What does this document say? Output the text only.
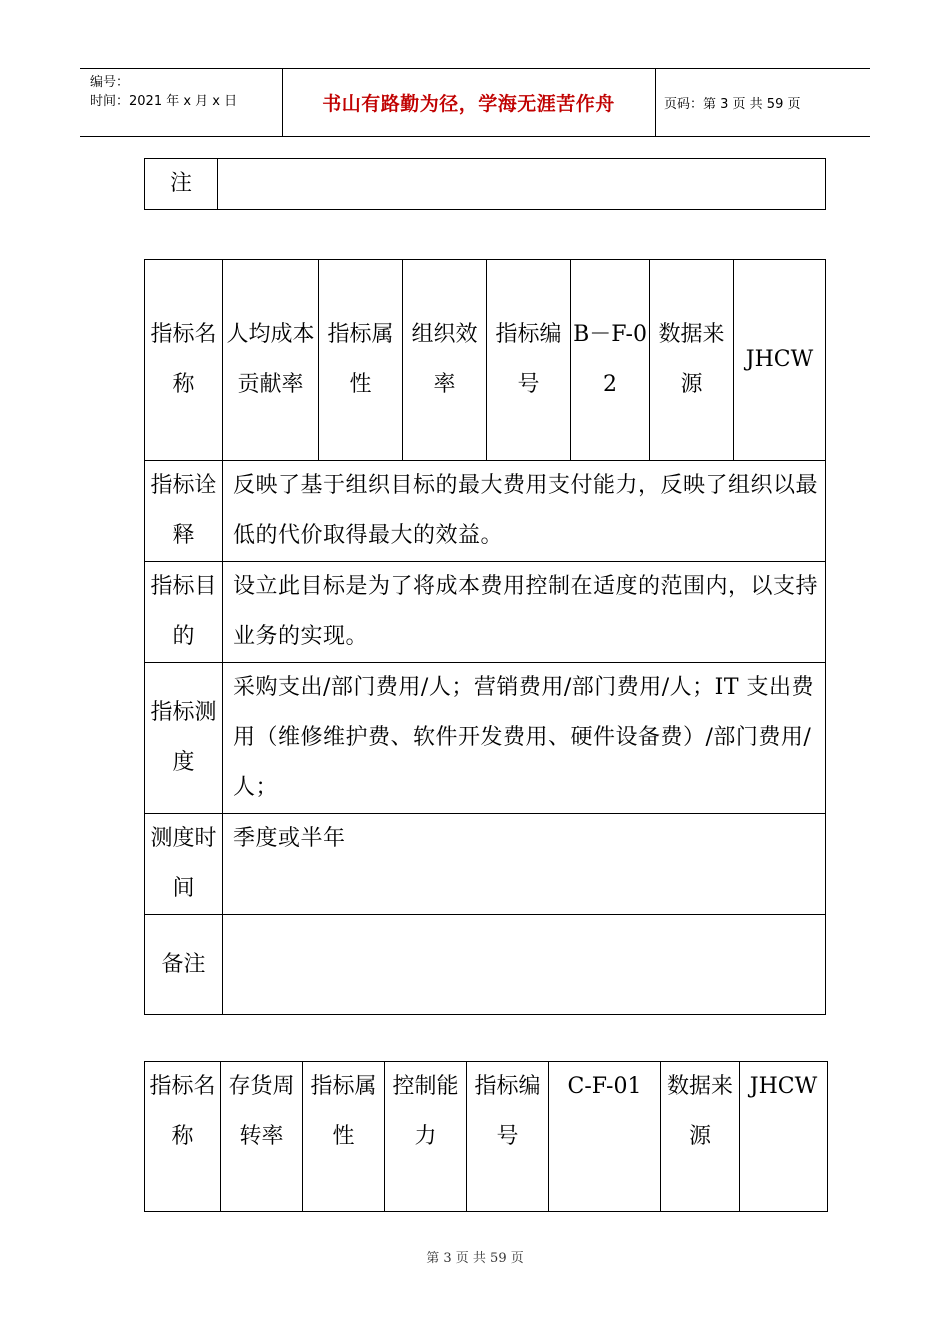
编号：
时间：2021 年 x 月 x 日	书山有路勤为径，学海无涯苦作舟	页码：第 3 页 共 59 页
注	
指标名称	人均成本贡献率	指标属性	组织效率	指标编号	B－F-02	数据来源	JHCW
指标诠释	反映了基于组织目标的最大费用支付能力，反映了组织以最低的代价取得最大的效益。						
指标目的	设立此目标是为了将成本费用控制在适度的范围内，以支持业务的实现。						
指标测度	采购支出/部门费用/人；营销费用/部门费用/人；IT 支出费用（维修维护费、软件开发费用、硬件设备费）/部门费用/人；						
测度时间	季度或半年						
备注							
指标名称	存货周转率	指标属性	控制能力	指标编号	C-F-01	数据来源	JHCW
第 3 页 共 59 页
